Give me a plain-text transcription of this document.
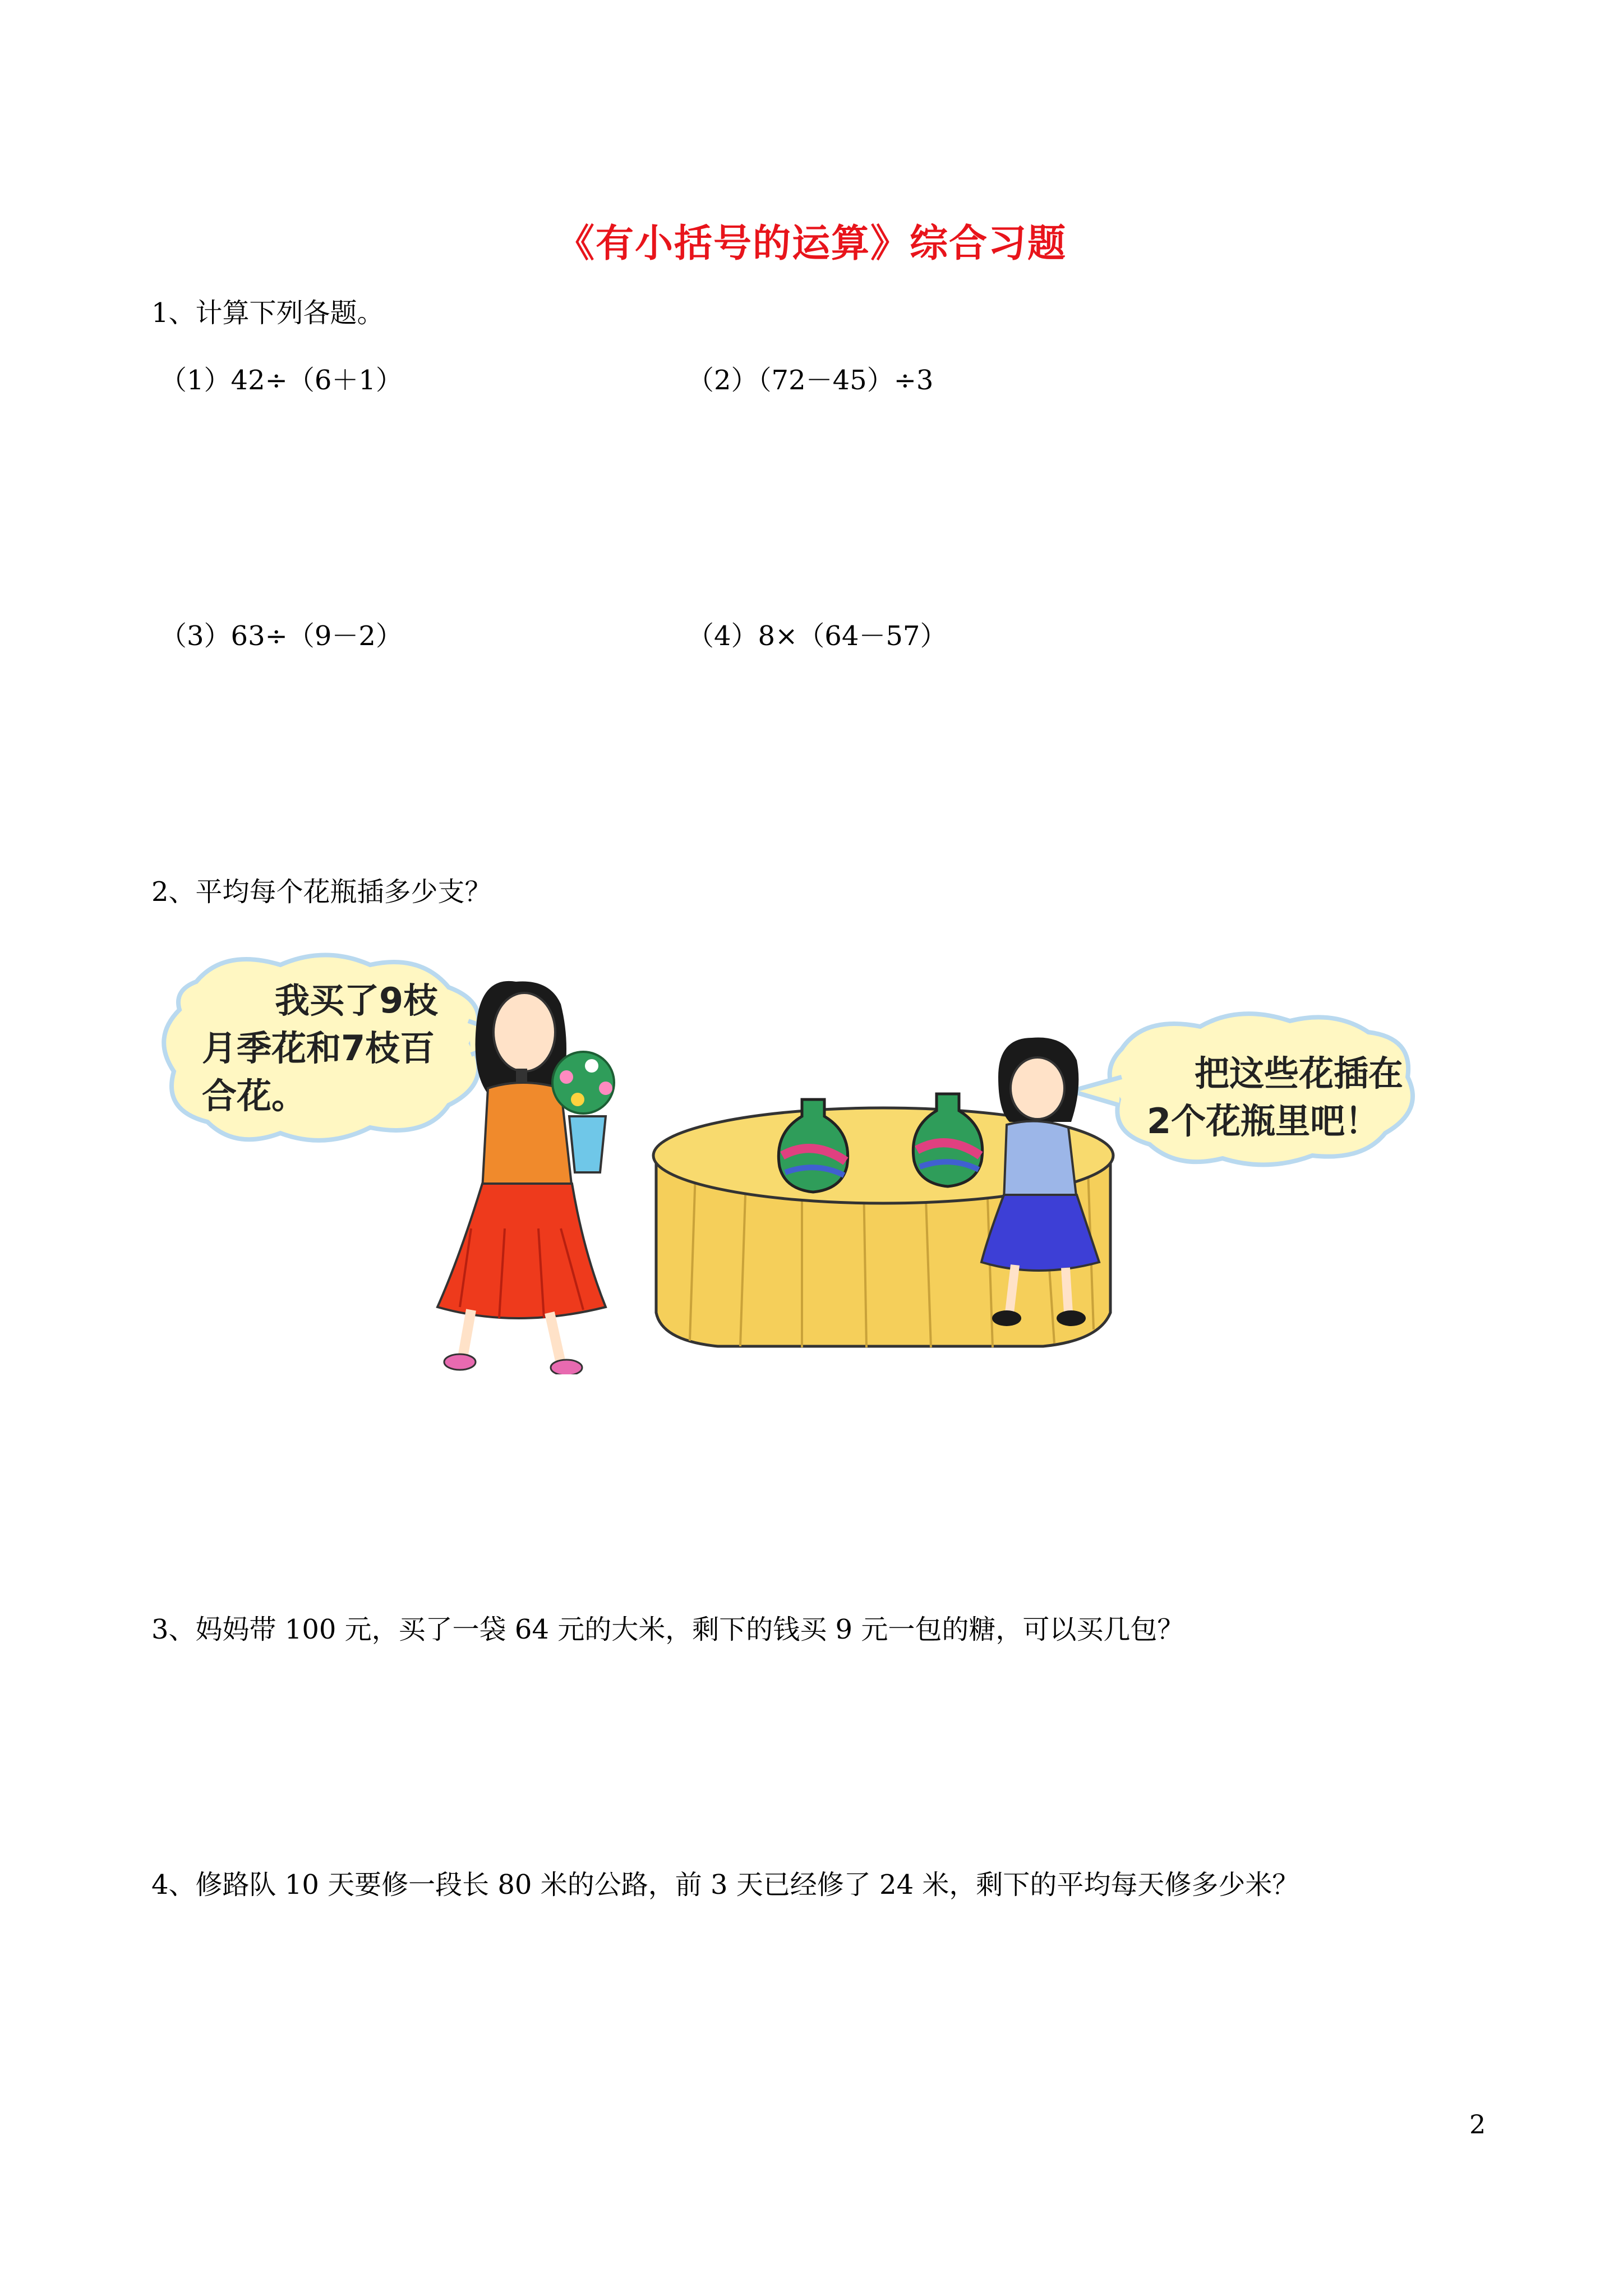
《有小括号的运算》综合习题
1、计算下列各题。
（1）42÷（6＋1）	（2）（72－45）÷3
（3）63÷（9－2）	（4）8×（64－57）
2、平均每个花瓶插多少支？
我买了9枝
月季花和7枝百
合花。
把这些花插在
2个花瓶里吧！
3、妈妈带 100 元，买了一袋 64 元的大米，剩下的钱买 9 元一包的糖，可以买几包？
4、修路队 10 天要修一段长 80 米的公路，前 3 天已经修了 24 米，剩下的平均每天修多少米？
2
